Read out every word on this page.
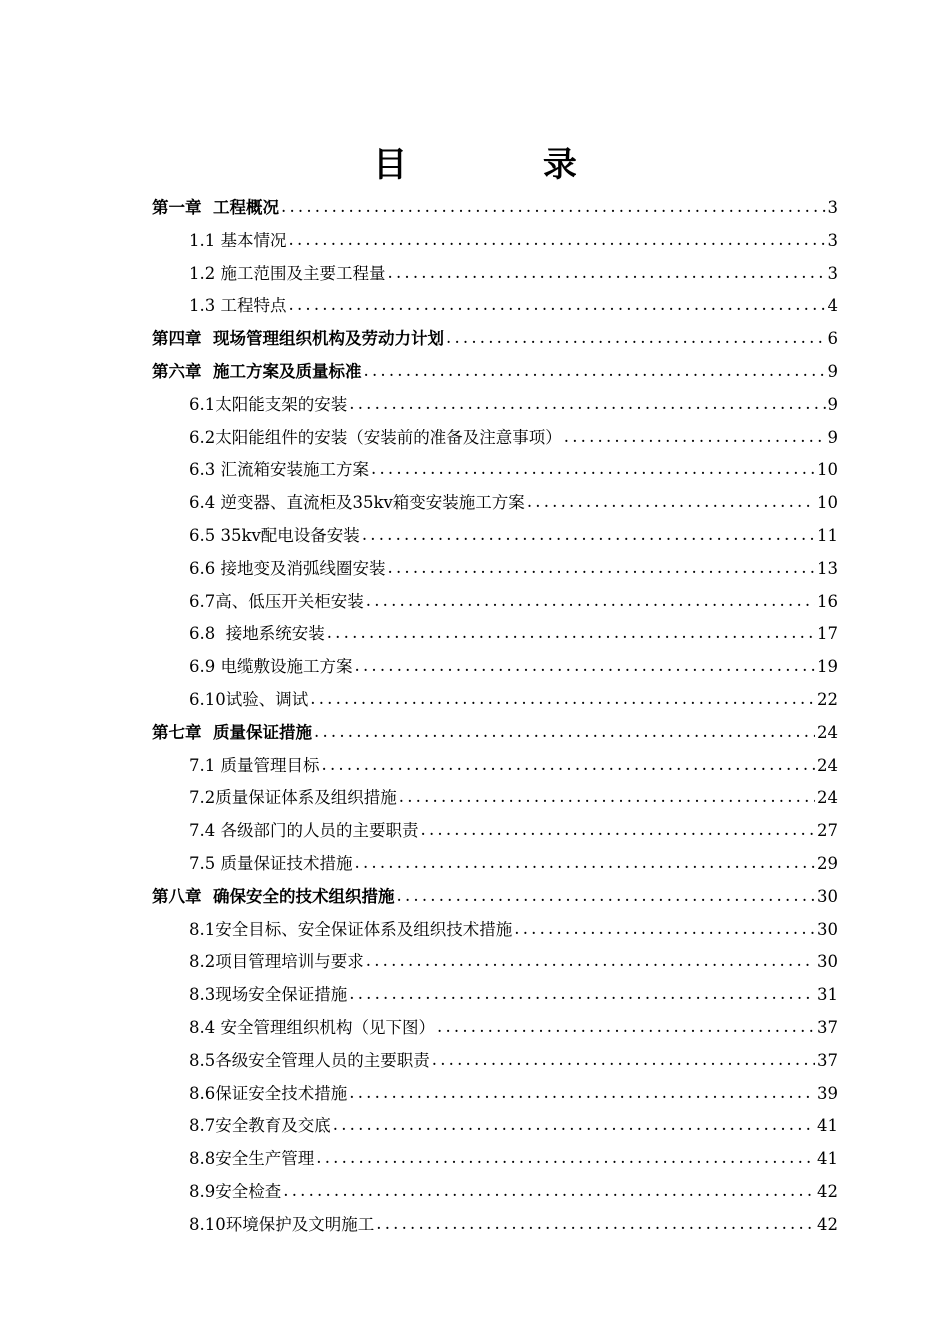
目 录
第一章  工程概况 .....	3
1.1 基本情况 .....	3
1.2 施工范围及主要工程量 .....	3
1.3 工程特点 .....	4
第四章  现场管理组织机构及劳动力计划 .....	6
第六章  施工方案及质量标准 .....	9
6.1太阳能支架的安装 .....	9
6.2太阳能组件的安装（安装前的准备及注意事项） .....	9
6.3 汇流箱安装施工方案 .....	10
6.4 逆变器、直流柜及35kv箱变安装施工方案 .....	10
6.5 35kv配电设备安装 .....	11
6.6 接地变及消弧线圈安装 .....	13
6.7高、低压开关柜安装 .....	16
6.8  接地系统安装 .....	17
6.9 电缆敷设施工方案 .....	19
6.10试验、调试 .....	22
第七章  质量保证措施 .....	24
7.1 质量管理目标 .....	24
7.2质量保证体系及组织措施 .....	24
7.4 各级部门的人员的主要职责 .....	27
7.5 质量保证技术措施 .....	29
第八章  确保安全的技术组织措施 .....	30
8.1安全目标、安全保证体系及组织技术措施 .....	30
8.2项目管理培训与要求 .....	30
8.3现场安全保证措施 .....	31
8.4 安全管理组织机构（见下图） .....	37
8.5各级安全管理人员的主要职责 .....	37
8.6保证安全技术措施 .....	39
8.7安全教育及交底 .....	41
8.8安全生产管理 .....	41
8.9安全检查 .....	42
8.10环境保护及文明施工 .....	42
